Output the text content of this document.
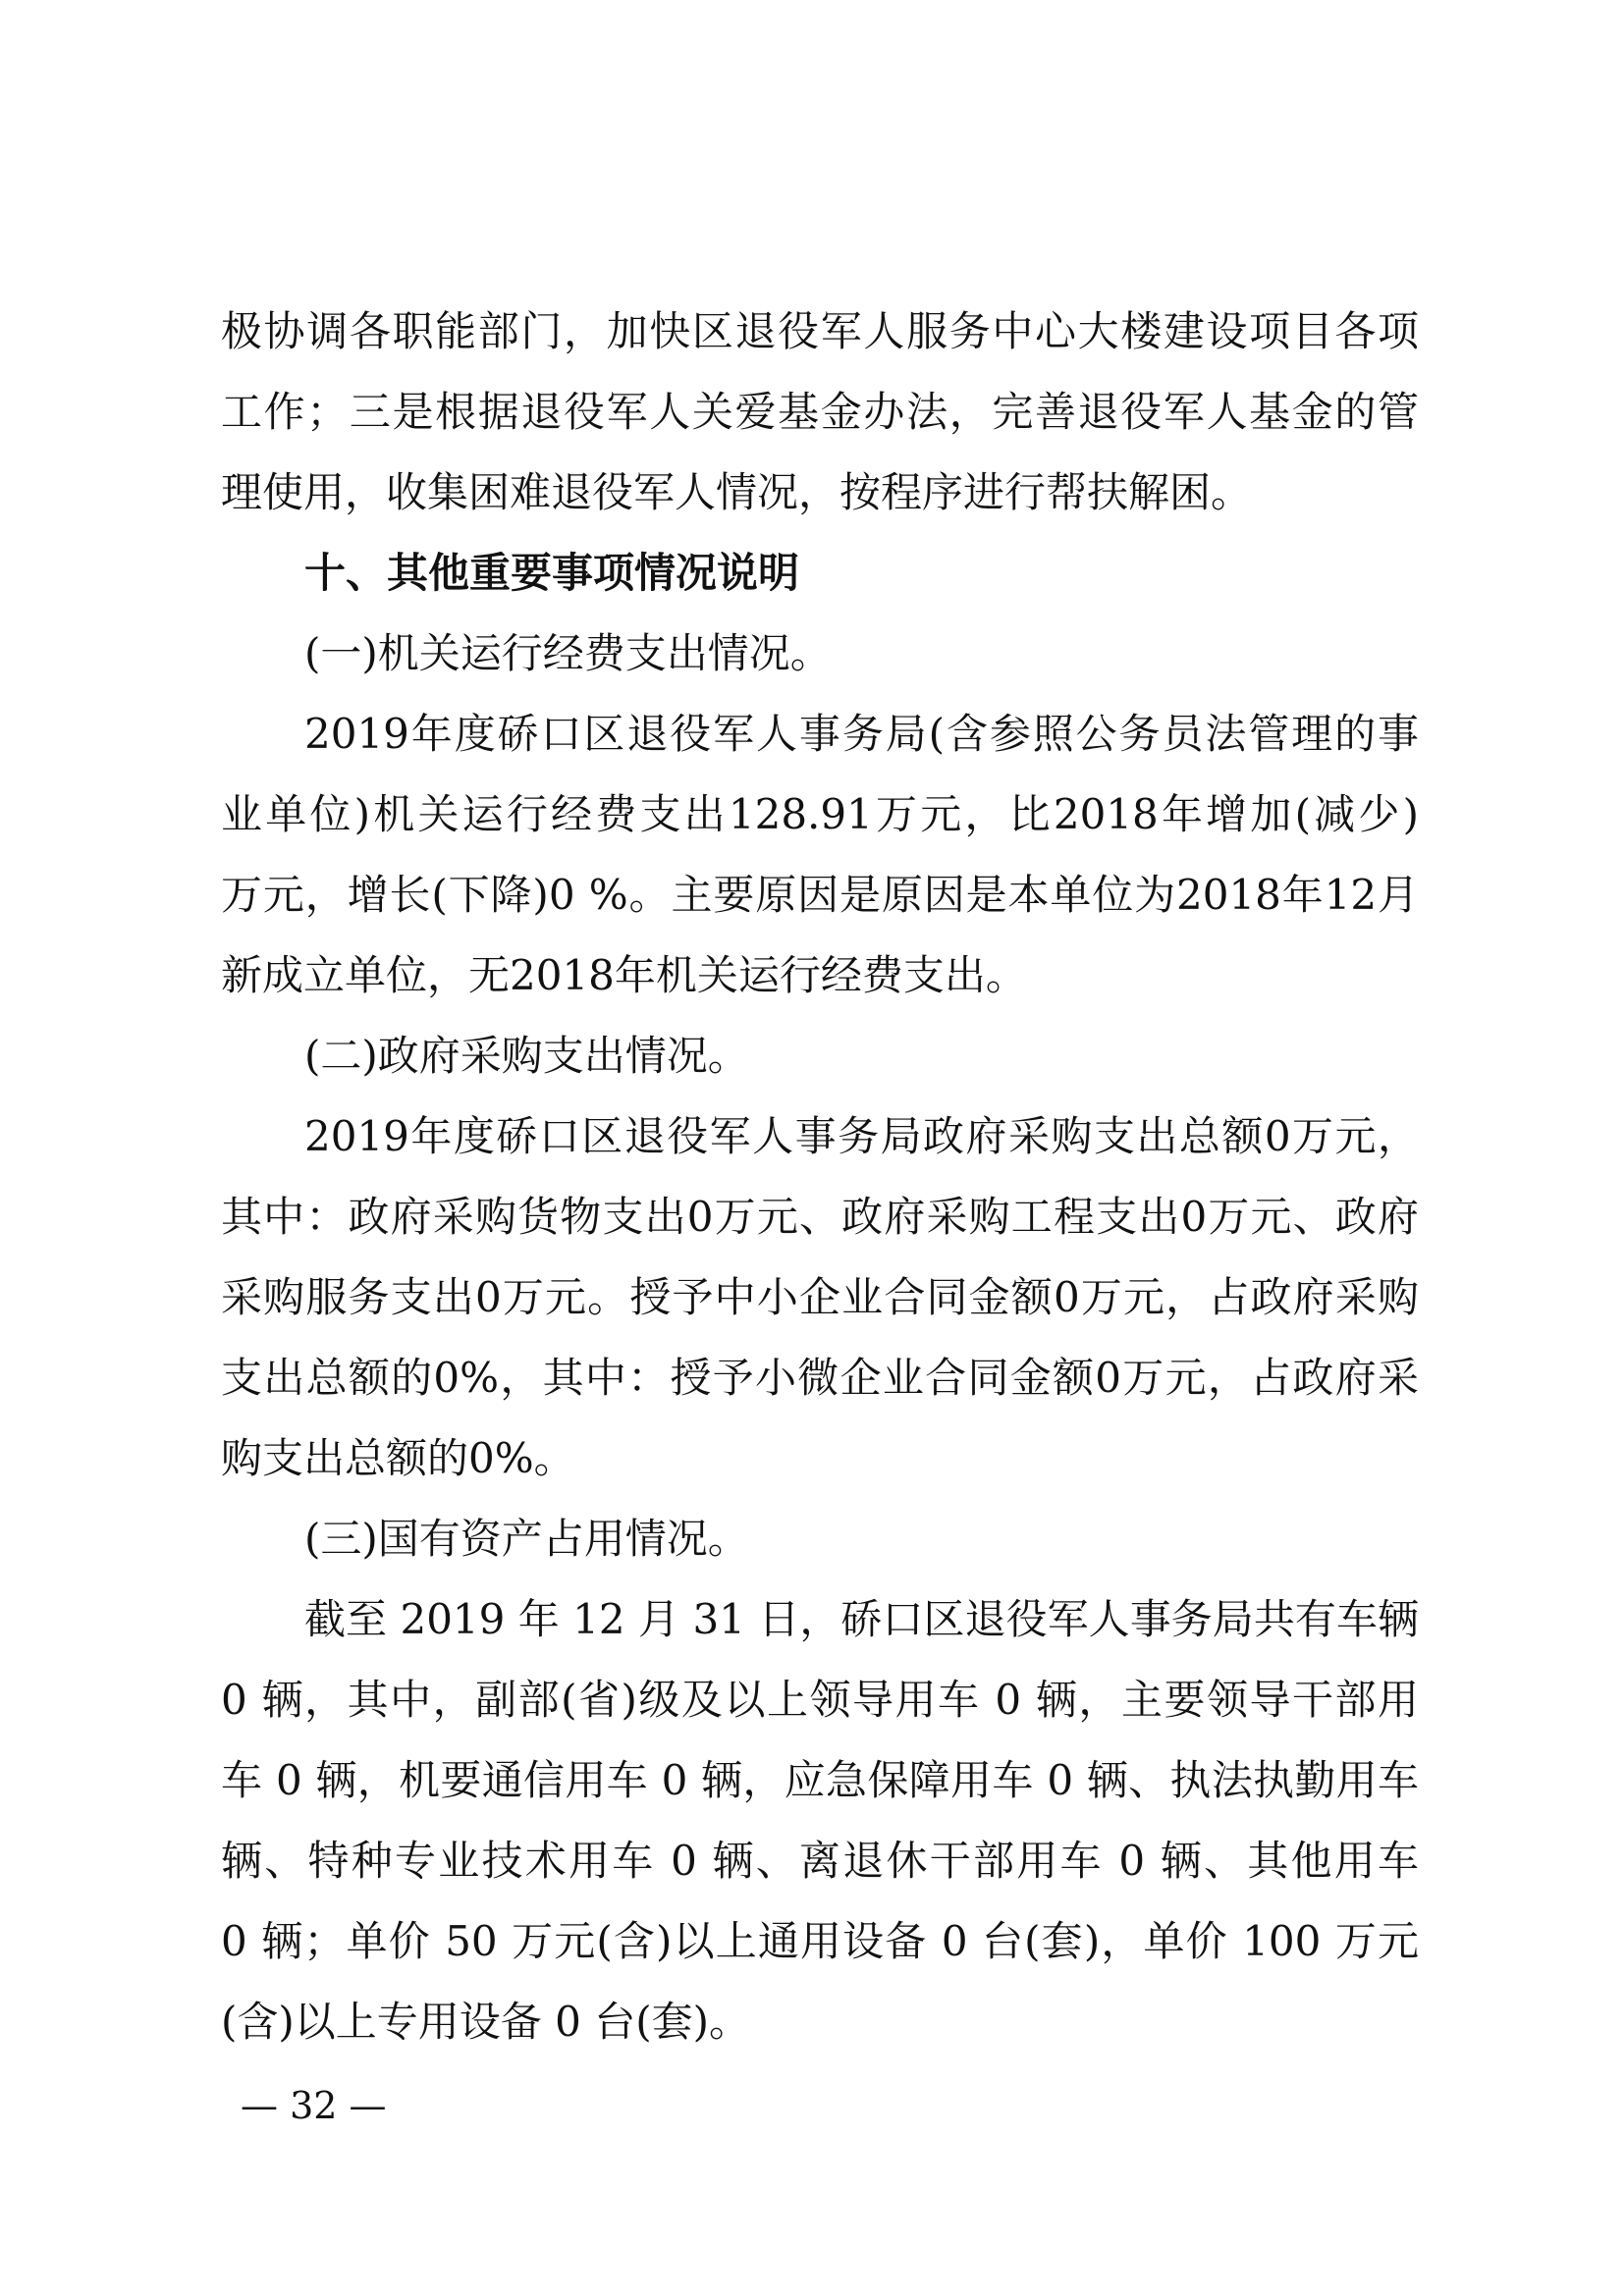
极协调各职能部门，加快区退役军人服务中心大楼建设项目各项
工作；三是根据退役军人关爱基金办法，完善退役军人基金的管
理使用，收集困难退役军人情况，按程序进行帮扶解困。
十、其他重要事项情况说明
(一)机关运行经费支出情况。
2019年度硚口区退役军人事务局(含参照公务员法管理的事
业单位)机关运行经费支出128.91万元，比2018年增加(减少)
万元，增长(下降)0 %。主要原因是原因是本单位为2018年12月
新成立单位，无2018年机关运行经费支出。
(二)政府采购支出情况。
2019年度硚口区退役军人事务局政府采购支出总额0万元，
其中：政府采购货物支出0万元、政府采购工程支出0万元、政府
采购服务支出0万元。授予中小企业合同金额0万元，占政府采购
支出总额的0%，其中：授予小微企业合同金额0万元，占政府采
购支出总额的0%。
(三)国有资产占用情况。
截至 2019 年 12 月 31 日，硚口区退役军人事务局共有车辆
0 辆，其中，副部(省)级及以上领导用车 0 辆，主要领导干部用
车 0 辆，机要通信用车 0 辆，应急保障用车 0 辆、执法执勤用车
辆、特种专业技术用车 0 辆、离退休干部用车 0 辆、其他用车
0 辆；单价 50 万元(含)以上通用设备 0 台(套)，单价 100 万元
(含)以上专用设备 0 台(套)。
— 32 —
